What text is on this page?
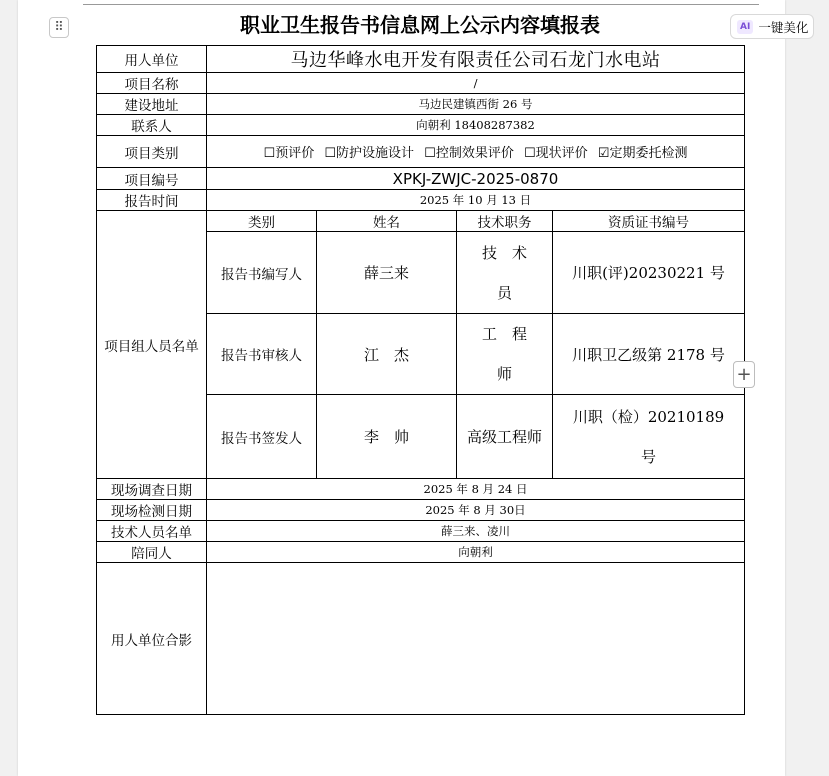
职业卫生报告书信息网上公示内容填报表
用人单位	马边华峰水电开发有限责任公司石龙门水电站			
项目名称	/			
建设地址	马边民建镇西街 26 号			
联系人	向朝利 18408287382			
项目类别	☐预评价 ☐防护设施设计 ☐控制效果评价 ☐现状评价 ☑定期委托检测			
项目编号	XPKJ-ZWJC-2025-0870			
报告时间	2025 年 10 月 13 日			
项目组人员名单	类别	姓名	技术职务	资质证书编号
	报告书编写人	薛三来	技　术　员	川职(评)20230221 号
	报告书审核人	江　杰	工　程　师	川职卫乙级第 2178 号
	报告书签发人	李　帅	高级工程师	川职（检）20210189 号
现场调查日期	2025 年 8 月 24 日			
现场检测日期	2025 年 8 月 30日			
技术人员名单	薛三来、凌川			
陪同人	向朝利			
用人单位合影				
⠿	AI 一键美化
+
